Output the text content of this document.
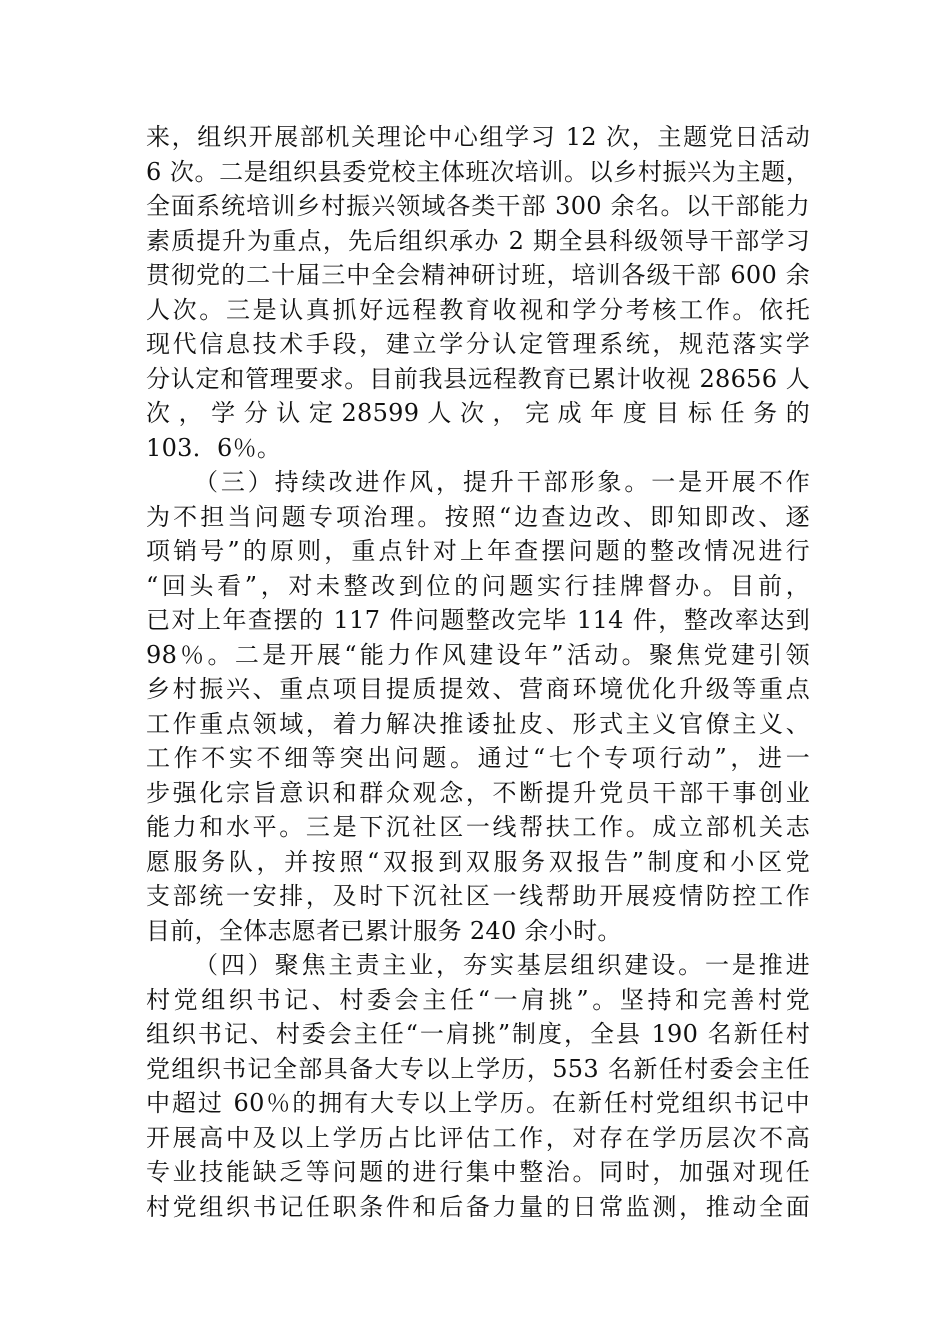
来，组织开展部机关理论中心组学习 12 次，主题党日活动
6 次。二是组织县委党校主体班次培训。以乡村振兴为主题，
全面系统培训乡村振兴领域各类干部 300 余名。以干部能力
素质提升为重点，先后组织承办 2 期全县科级领导干部学习
贯彻党的二十届三中全会精神研讨班，培训各级干部 600 余
人次。三是认真抓好远程教育收视和学分考核工作。依托
现代信息技术手段，建立学分认定管理系统，规范落实学
分认定和管理要求。目前我县远程教育已累计收视 28656 人
次 ， 学 分 认 定 28599 人 次 ， 完 成 年 度 目 标 任 务 的
103．6％。
（三）持续改进作风，提升干部形象。一是开展不作
为不担当问题专项治理。按照“边查边改、即知即改、逐
项销号”的原则，重点针对上年查摆问题的整改情况进行
“回头看”，对未整改到位的问题实行挂牌督办。目前，
已对上年查摆的 117 件问题整改完毕 114 件，整改率达到
98％。二是开展“能力作风建设年”活动。聚焦党建引领
乡村振兴、重点项目提质提效、营商环境优化升级等重点
工作重点领域，着力解决推诿扯皮、形式主义官僚主义、
工作不实不细等突出问题。通过“七个专项行动”，进一
步强化宗旨意识和群众观念，不断提升党员干部干事创业
能力和水平。三是下沉社区一线帮扶工作。成立部机关志
愿服务队，并按照“双报到双服务双报告”制度和小区党
支部统一安排，及时下沉社区一线帮助开展疫情防控工作
目前，全体志愿者已累计服务 240 余小时。
（四）聚焦主责主业，夯实基层组织建设。一是推进
村党组织书记、村委会主任“一肩挑”。坚持和完善村党
组织书记、村委会主任“一肩挑”制度，全县 190 名新任村
党组织书记全部具备大专以上学历，553 名新任村委会主任
中超过 60％的拥有大专以上学历。在新任村党组织书记中
开展高中及以上学历占比评估工作，对存在学历层次不高
专业技能缺乏等问题的进行集中整治。同时，加强对现任
村党组织书记任职条件和后备力量的日常监测，推动全面
